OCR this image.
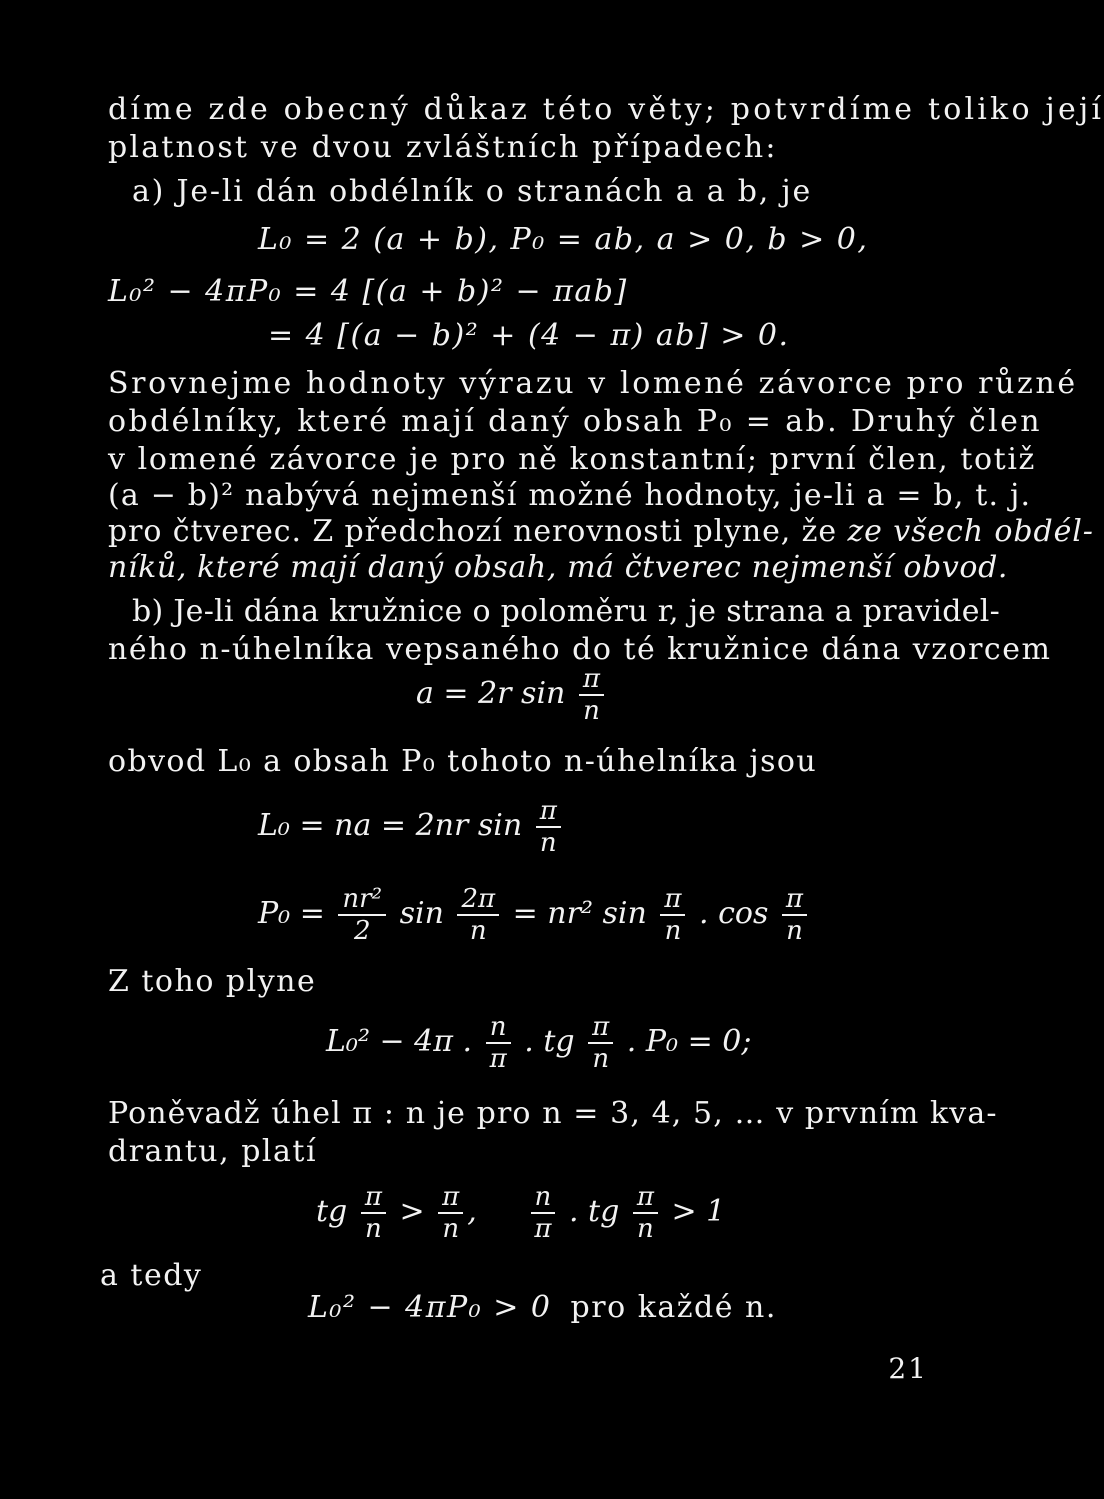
díme zde obecný důkaz této věty; potvrdíme toliko její
platnost ve dvou zvláštních případech:
a) Je-li dán obdélník o stranách a a b, je
L₀ = 2 (a + b), P₀ = ab, a > 0, b > 0,
L₀² − 4πP₀ = 4 [(a + b)² − πab]
= 4 [(a − b)² + (4 − π) ab] > 0.
Srovnejme hodnoty výrazu v lomené závorce pro různé
obdélníky, které mají daný obsah P₀ = ab. Druhý člen
v lomené závorce je pro ně konstantní; první člen, totiž
(a − b)² nabývá nejmenší možné hodnoty, je-li a = b, t. j.
pro čtverec. Z předchozí nerovnosti plyne, že ze všech obdél-
níků, které mají daný obsah, má čtverec nejmenší obvod.
b) Je-li dána kružnice o poloměru r, je strana a pravidel-
ného n-úhelníka vepsaného do té kružnice dána vzorcem
a = 2r $\sin \frac{\pi}{n}$
obvod L₀ a obsah P₀ tohoto n-úhelníka jsou
L₀ = na = 2nr $\sin \frac{\pi}{n}$
$P_0 = \frac{\text{nr²}}{2}$ $\sin \frac{2\pi}{n} = nr^2$ $\sin \frac{\pi}{n}$ . $\cos \frac{\pi}{n}$
Z toho plyne
L₀² − 4π . $\frac{n}{\pi}$ . tg $\frac{\pi}{n}$ . P₀ = 0;
Poněvadž úhel π : n je pro n = 3, 4, 5, … v prvním kva-
drantu, platí
tg $\frac{\pi}{n} > \frac{\pi}{n}$ , $\frac{n}{\pi}$ . tg $\frac{\pi}{n} > 1$
a tedy
L₀² − 4πP₀ > 0 pro každé n.
21
